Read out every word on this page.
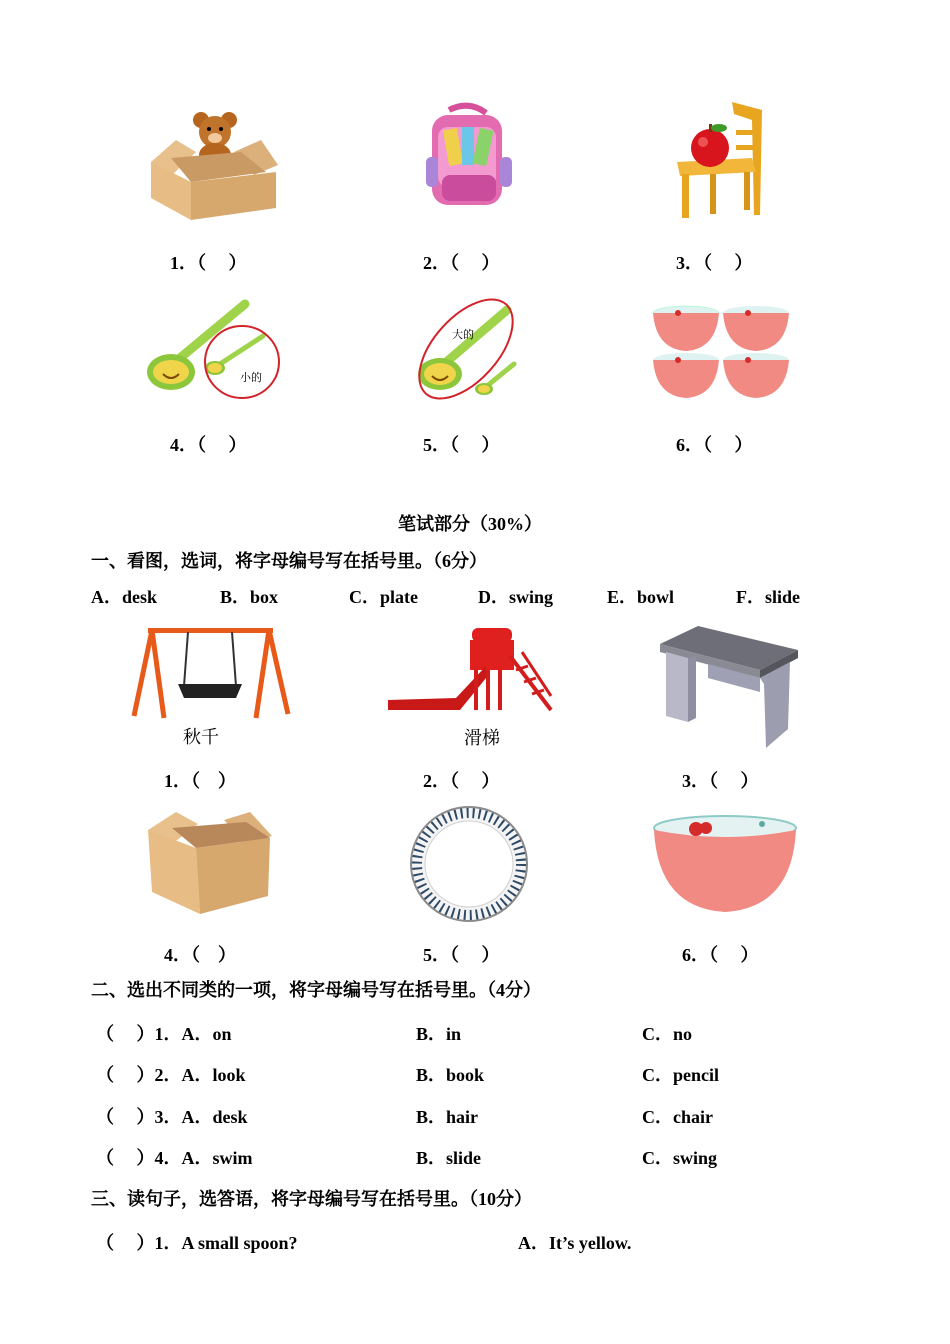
1．（　 ）	2．（　 ）	3．（　 ）
小的
大的
4．（　 ）	5．（　 ）	6．（　 ）
笔试部分（30%）
一、看图，选词，将字母编号写在括号里。（6分）
A．desk	B．box	C．plate	D．swing	E．bowl	F．slide
秋千	滑梯
1．（　）	2．（　 ）	3．（　 ）
4．（　）	5．（　 ）	6．（　 ）
二、选出不同类的一项，将字母编号写在括号里。（4分）
（　 ）1．A．on	B．in	C．no
（　 ）2．A．look	B．book	C．pencil
（　 ）3．A．desk	B．hair	C．chair
（　 ）4．A．swim	B．slide	C．swing
三、读句子，选答语，将字母编号写在括号里。（10分）
（　 ）1．A small spoon?	A．It’s yellow.
